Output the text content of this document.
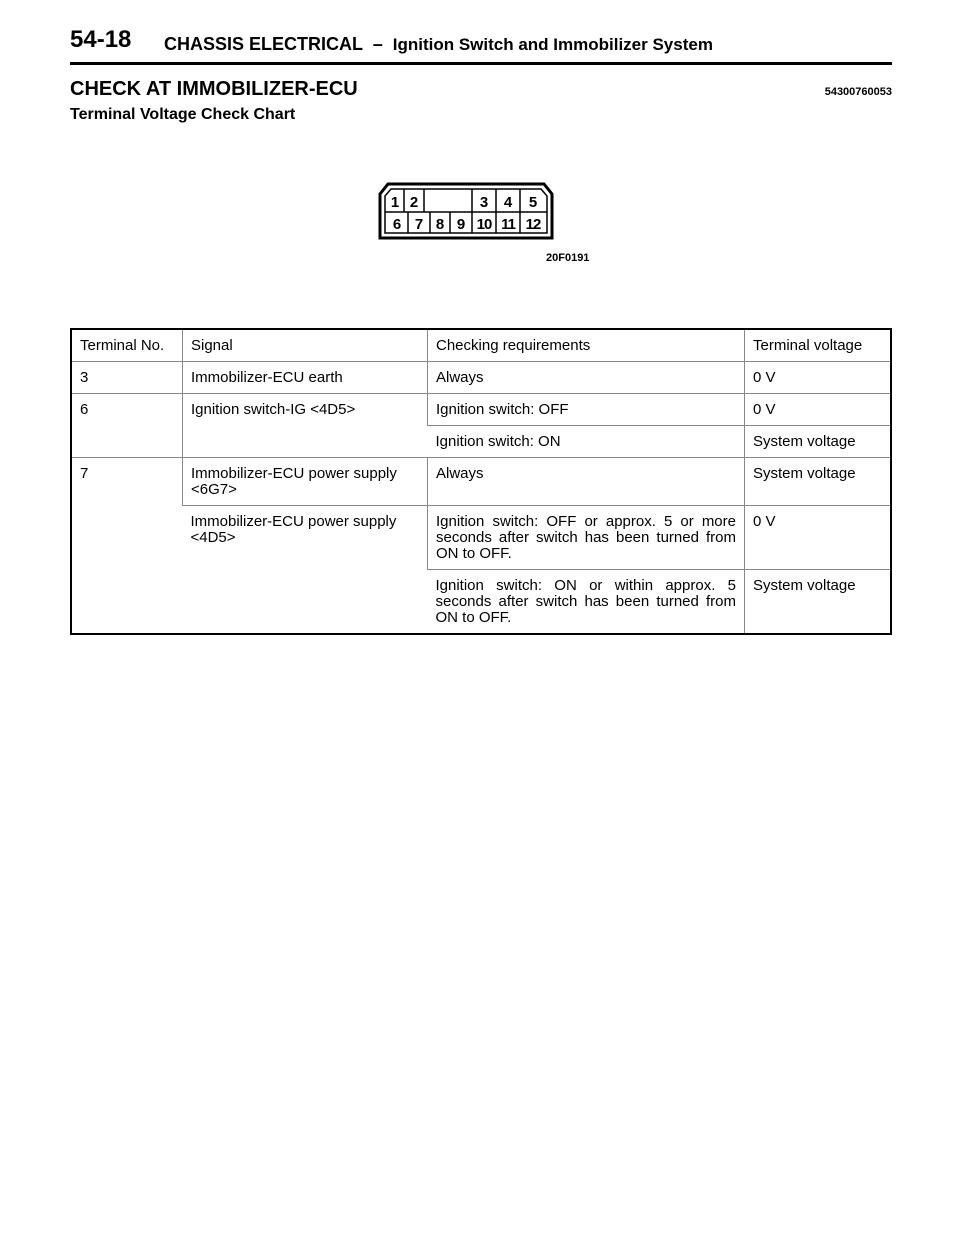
54-18 CHASSIS ELECTRICAL – Ignition Switch and Immobilizer System
CHECK AT IMMOBILIZER-ECU	54300760053
Terminal Voltage Check Chart
1 2	3 4 5
6 7 8 9 10 11 12
20F0191
Terminal No.	Signal	Checking requirements	Terminal voltage
3	Immobilizer-ECU earth	Always	0 V
6	Ignition switch-IG <4D5>	Ignition switch: OFF	0 V
		Ignition switch: ON	System voltage
7	Immobilizer-ECU power supply <6G7>	Always	System voltage
	Immobilizer-ECU power supply <4D5>	Ignition switch: OFF or approx. 5 or more seconds after switch has been turned from ON to OFF.	0 V
		Ignition switch: ON or within approx. 5 seconds after switch has been turned from ON to OFF.	System voltage
